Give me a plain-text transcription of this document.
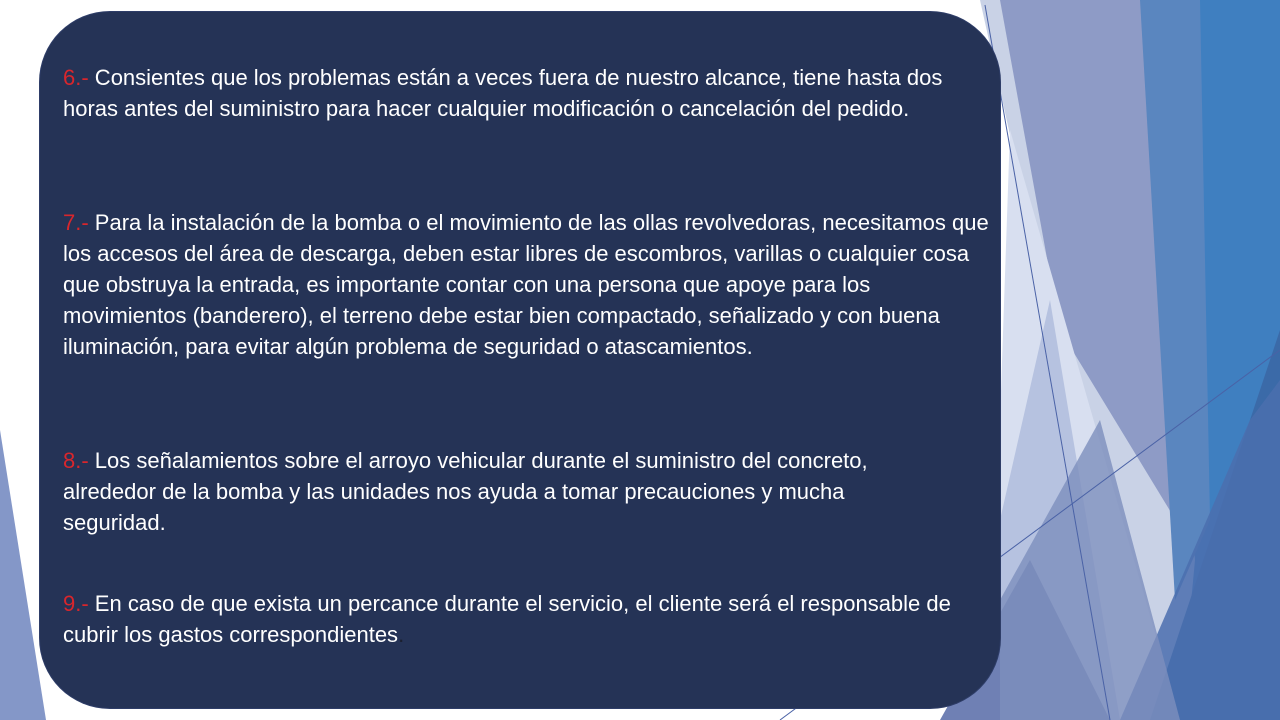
6.- Consientes que los problemas están a veces fuera de nuestro alcance, tiene hasta dos horas antes del suministro para hacer cualquier modificación o cancelación del pedido.

7.- Para la instalación de la bomba o el movimiento de las ollas revolvedoras, necesitamos que los accesos del área de descarga, deben estar libres de escombros, varillas o cualquier cosa que obstruya la entrada, es importante contar con una persona que apoye para los movimientos (banderero), el terreno debe estar bien compactado, señalizado y con buena iluminación, para evitar algún problema de seguridad o atascamientos.

8.- Los señalamientos sobre el arroyo vehicular durante el suministro del concreto, alrededor de la bomba y las unidades nos ayuda a tomar precauciones y mucha seguridad.

9.- En caso de que exista un percance durante el servicio, el cliente será el responsable de cubrir los gastos correspondientes.
